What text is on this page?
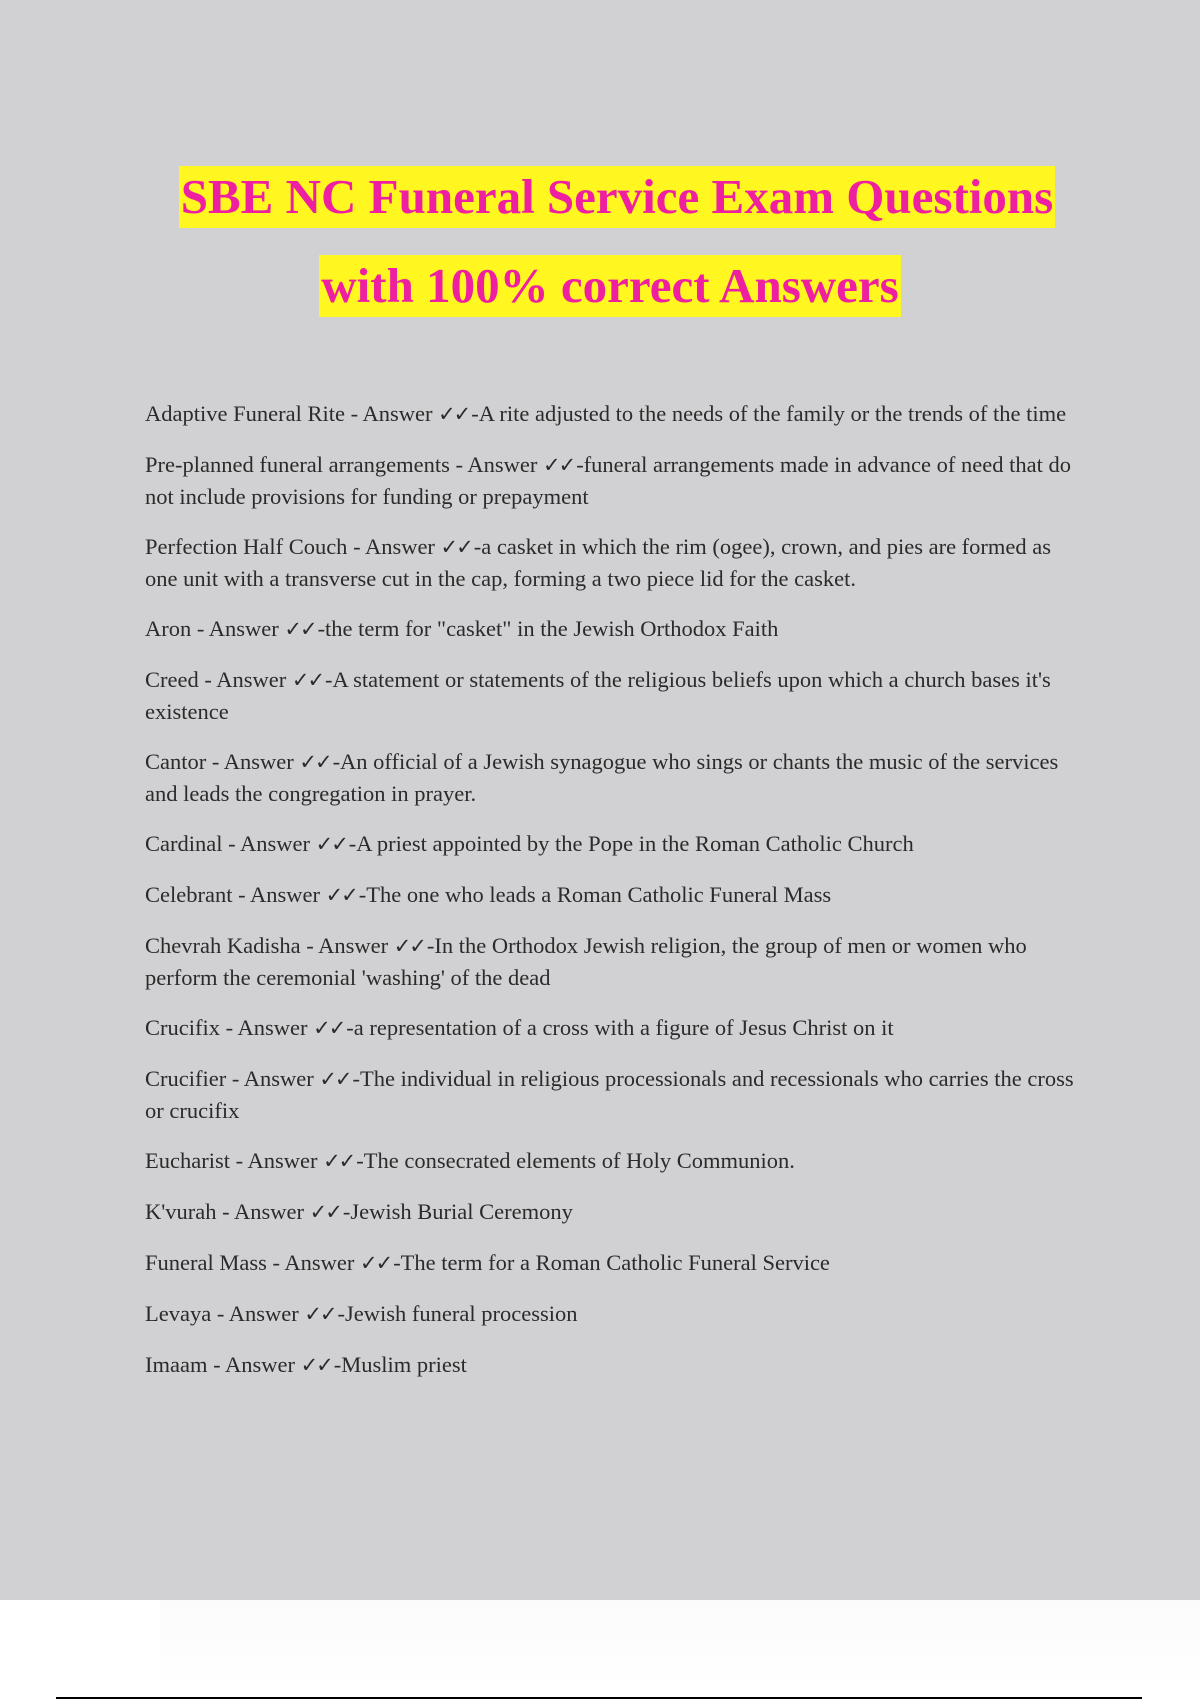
SBE NC Funeral Service Exam Questions
with 100% correct Answers

Adaptive Funeral Rite - Answer ✓✓-A rite adjusted to the needs of the family or the trends of the time

Pre-planned funeral arrangements - Answer ✓✓-funeral arrangements made in advance of need that do not include provisions for funding or prepayment

Perfection Half Couch - Answer ✓✓-a casket in which the rim (ogee), crown, and pies are formed as one unit with a transverse cut in the cap, forming a two piece lid for the casket.

Aron - Answer ✓✓-the term for "casket" in the Jewish Orthodox Faith

Creed - Answer ✓✓-A statement or statements of the religious beliefs upon which a church bases it's existence

Cantor - Answer ✓✓-An official of a Jewish synagogue who sings or chants the music of the services and leads the congregation in prayer.

Cardinal - Answer ✓✓-A priest appointed by the Pope in the Roman Catholic Church

Celebrant - Answer ✓✓-The one who leads a Roman Catholic Funeral Mass

Chevrah Kadisha - Answer ✓✓-In the Orthodox Jewish religion, the group of men or women who perform the ceremonial 'washing' of the dead

Crucifix - Answer ✓✓-a representation of a cross with a figure of Jesus Christ on it

Crucifier - Answer ✓✓-The individual in religious processionals and recessionals who carries the cross or crucifix

Eucharist - Answer ✓✓-The consecrated elements of Holy Communion.

K'vurah - Answer ✓✓-Jewish Burial Ceremony

Funeral Mass - Answer ✓✓-The term for a Roman Catholic Funeral Service

Levaya - Answer ✓✓-Jewish funeral procession

Imaam - Answer ✓✓-Muslim priest
